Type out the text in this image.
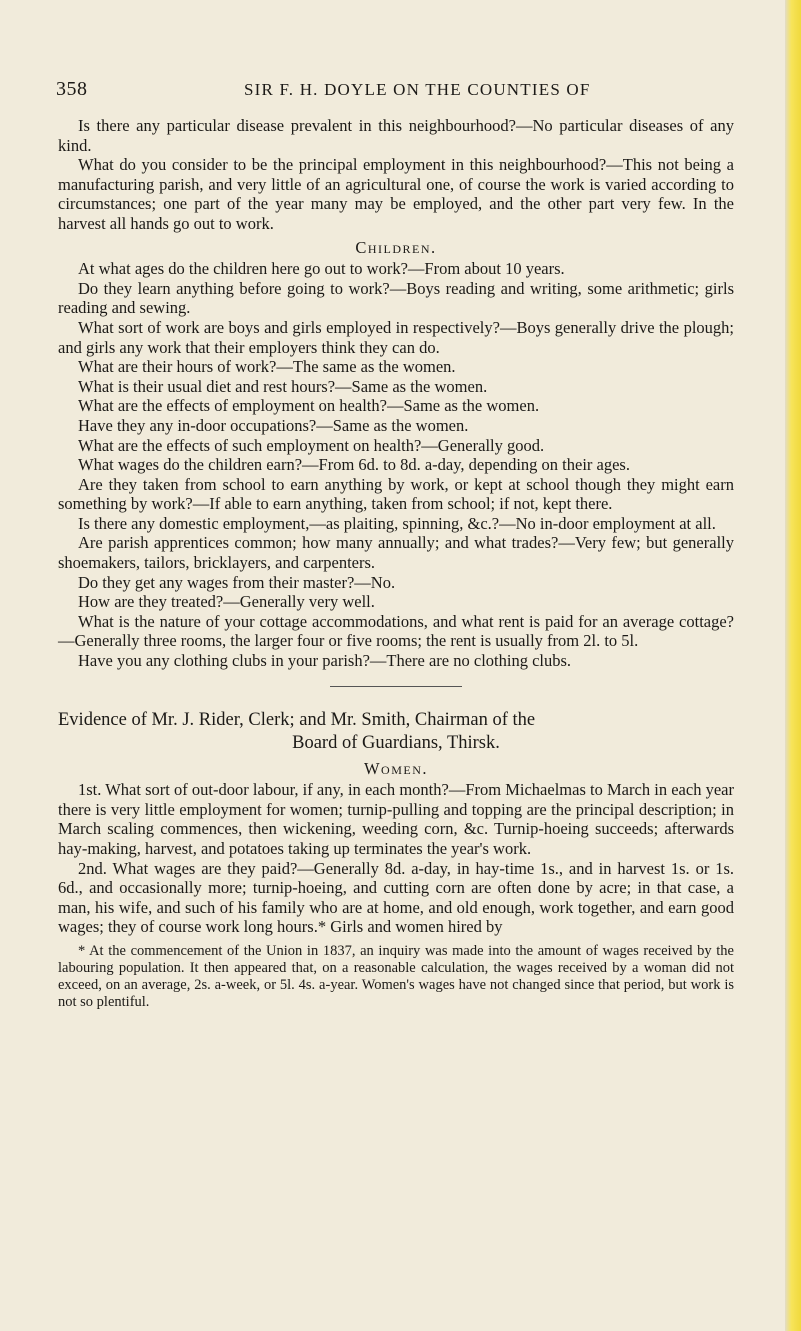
358	SIR F. H. DOYLE ON THE COUNTIES OF

Is there any particular disease prevalent in this neighbourhood?—No particular diseases of any kind.

What do you consider to be the principal employment in this neighbourhood?—This not being a manufacturing parish, and very little of an agricultural one, of course the work is varied according to circumstances; one part of the year many may be employed, and the other part very few. In the harvest all hands go out to work.

Children.

At what ages do the children here go out to work?—From about 10 years.

Do they learn anything before going to work?—Boys reading and writing, some arithmetic; girls reading and sewing.

What sort of work are boys and girls employed in respectively?—Boys generally drive the plough; and girls any work that their employers think they can do.

What are their hours of work?—The same as the women.

What is their usual diet and rest hours?—Same as the women.

What are the effects of employment on health?—Same as the women.

Have they any in-door occupations?—Same as the women.

What are the effects of such employment on health?—Generally good.

What wages do the children earn?—From 6d. to 8d. a-day, depending on their ages.

Are they taken from school to earn anything by work, or kept at school though they might earn something by work?—If able to earn anything, taken from school; if not, kept there.

Is there any domestic employment,—as plaiting, spinning, &c.?—No in-door employment at all.

Are parish apprentices common; how many annually; and what trades?—Very few; but generally shoemakers, tailors, bricklayers, and carpenters.

Do they get any wages from their master?—No.

How are they treated?—Generally very well.

What is the nature of your cottage accommodations, and what rent is paid for an average cottage?—Generally three rooms, the larger four or five rooms; the rent is usually from 2l. to 5l.

Have you any clothing clubs in your parish?—There are no clothing clubs.

Evidence of Mr. J. Rider, Clerk; and Mr. Smith, Chairman of the
Board of Guardians, Thirsk.

Women.

1st. What sort of out-door labour, if any, in each month?—From Michaelmas to March in each year there is very little employment for women; turnip-pulling and topping are the principal description; in March scaling commences, then wickening, weeding corn, &c. Turnip-hoeing succeeds; afterwards hay-making, harvest, and potatoes taking up terminates the year's work.

2nd. What wages are they paid?—Generally 8d. a-day, in hay-time 1s., and in harvest 1s. or 1s. 6d., and occasionally more; turnip-hoeing, and cutting corn are often done by acre; in that case, a man, his wife, and such of his family who are at home, and old enough, work together, and earn good wages; they of course work long hours.* Girls and women hired by

* At the commencement of the Union in 1837, an inquiry was made into the amount of wages received by the labouring population. It then appeared that, on a reasonable calculation, the wages received by a woman did not exceed, on an average, 2s. a-week, or 5l. 4s. a-year. Women's wages have not changed since that period, but work is not so plentiful.
